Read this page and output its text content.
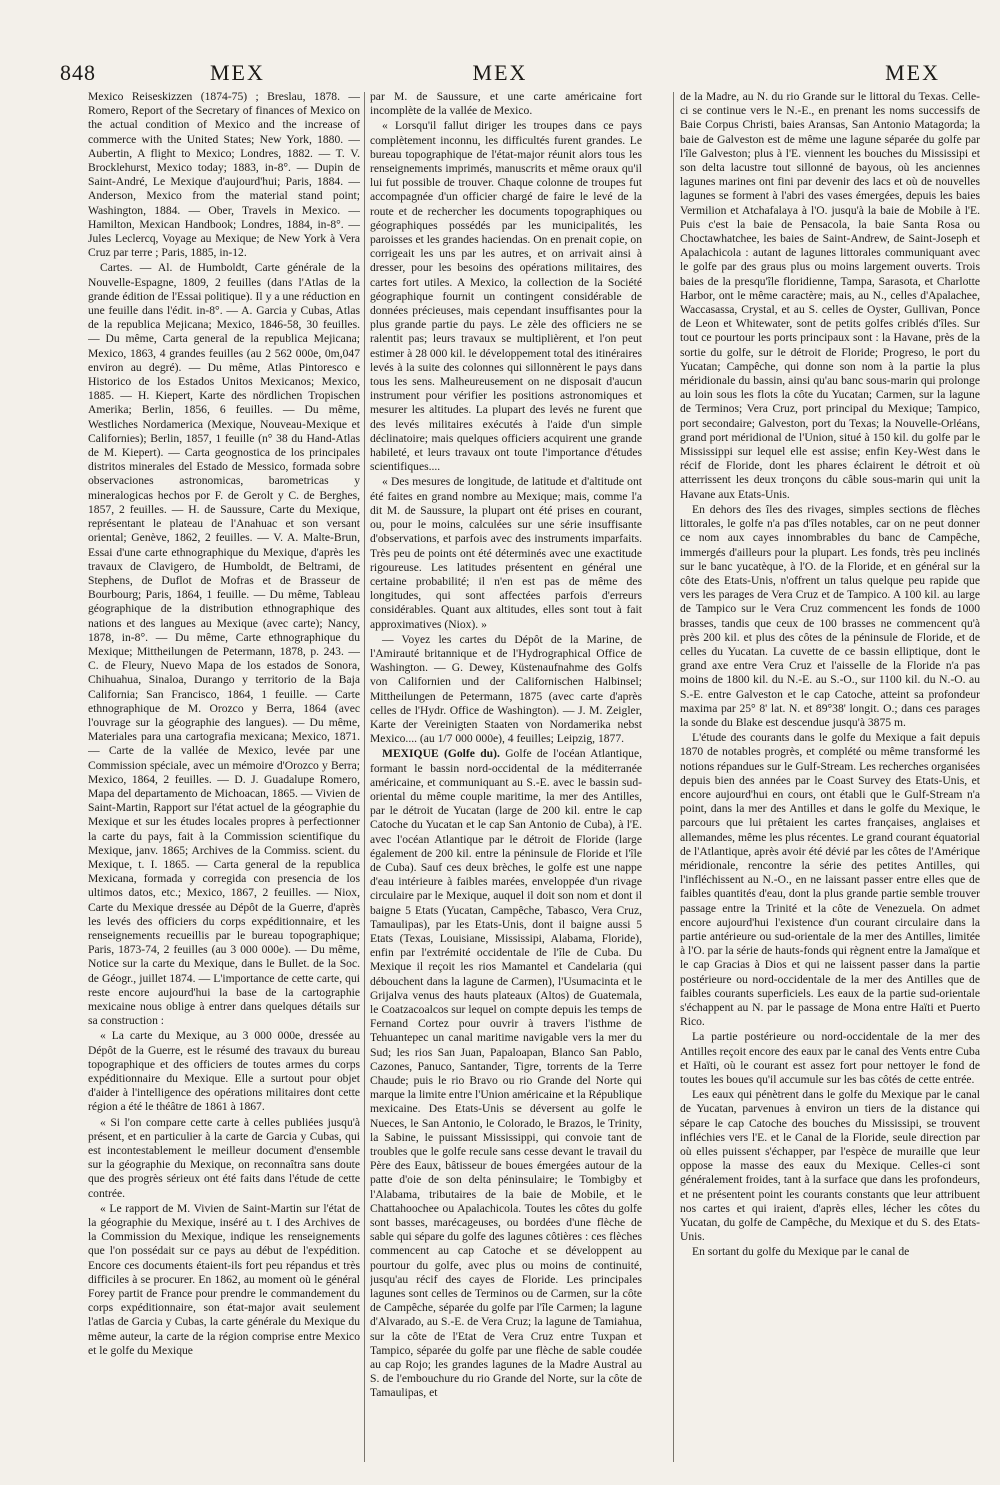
848	MEX
MEX	MEX

Mexico Reiseskizzen (1874-75) ; Breslau, 1878. — Romero, Report of the Secretary of finances of Mexico on the actual condition of Mexico and the increase of commerce with the United States; New York, 1880. — Aubertin, A flight to Mexico; Londres, 1882. — T. V. Brocklehurst, Mexico today; 1883, in-8°. — Dupin de Saint-André, Le Mexique d'aujourd'hui; Paris, 1884. — Anderson, Mexico from the material stand point; Washington, 1884. — Ober, Travels in Mexico. — Hamilton, Mexican Handbook; Londres, 1884, in-8°. — Jules Leclercq, Voyage au Mexique; de New York à Vera Cruz par terre ; Paris, 1885, in-12.

Cartes. — Al. de Humboldt, Carte générale de la Nouvelle-Espagne, 1809, 2 feuilles (dans l'Atlas de la grande édition de l'Essai politique). Il y a une réduction en une feuille dans l'édit. in-8°. — A. Garcia y Cubas, Atlas de la republica Mejicana; Mexico, 1846-58, 30 feuilles. — Du même, Carta general de la republica Mejicana; Mexico, 1863, 4 grandes feuilles (au 2 562 000e, 0m,047 environ au degré). — Du même, Atlas Pintoresco e Historico de los Estados Unitos Mexicanos; Mexico, 1885. — H. Kiepert, Karte des nördlichen Tropischen Amerika; Berlin, 1856, 6 feuilles. — Du même, Westliches Nordamerica (Mexique, Nouveau-Mexique et Californies); Berlin, 1857, 1 feuille (n° 38 du Hand-Atlas de M. Kiepert). — Carta geognostica de los principales distritos minerales del Estado de Messico, formada sobre observaciones astronomicas, barometricas y mineralogicas hechos por F. de Gerolt y C. de Berghes, 1857, 2 feuilles. — H. de Saussure, Carte du Mexique, représentant le plateau de l'Anahuac et son versant oriental; Genève, 1862, 2 feuilles. — V. A. Malte-Brun, Essai d'une carte ethnographique du Mexique, d'après les travaux de Clavigero, de Humboldt, de Beltrami, de Stephens, de Duflot de Mofras et de Brasseur de Bourbourg; Paris, 1864, 1 feuille. — Du même, Tableau géographique de la distribution ethnographique des nations et des langues au Mexique (avec carte); Nancy, 1878, in-8°. — Du même, Carte ethnographique du Mexique; Mittheilungen de Petermann, 1878, p. 243. — C. de Fleury, Nuevo Mapa de los estados de Sonora, Chihuahua, Sinaloa, Durango y territorio de la Baja California; San Francisco, 1864, 1 feuille. — Carte ethnographique de M. Orozco y Berra, 1864 (avec l'ouvrage sur la géographie des langues). — Du même, Materiales para una cartografia mexicana; Mexico, 1871. — Carte de la vallée de Mexico, levée par une Commission spéciale, avec un mémoire d'Orozco y Berra; Mexico, 1864, 2 feuilles. — D. J. Guadalupe Romero, Mapa del departamento de Michoacan, 1865. — Vivien de Saint-Martin, Rapport sur l'état actuel de la géographie du Mexique et sur les études locales propres à perfectionner la carte du pays, fait à la Commission scientifique du Mexique, janv. 1865; Archives de la Commiss. scient. du Mexique, t. I. 1865. — Carta general de la republica Mexicana, formada y corregida con presencia de los ultimos datos, etc.; Mexico, 1867, 2 feuilles. — Niox, Carte du Mexique dressée au Dépôt de la Guerre, d'après les levés des officiers du corps expéditionnaire, et les renseignements recueillis par le bureau topographique; Paris, 1873-74, 2 feuilles (au 3 000 000e). — Du même, Notice sur la carte du Mexique, dans le Bullet. de la Soc. de Géogr., juillet 1874. — L'importance de cette carte, qui reste encore aujourd'hui la base de la cartographie mexicaine nous oblige à entrer dans quelques détails sur sa construction :

« La carte du Mexique, au 3 000 000e, dressée au Dépôt de la Guerre, est le résumé des travaux du bureau topographique et des officiers de toutes armes du corps expéditionnaire du Mexique. Elle a surtout pour objet d'aider à l'intelligence des opérations militaires dont cette région a été le théâtre de 1861 à 1867.

« Si l'on compare cette carte à celles publiées jusqu'à présent, et en particulier à la carte de Garcia y Cubas, qui est incontestablement le meilleur document d'ensemble sur la géographie du Mexique, on reconnaîtra sans doute que des progrès sérieux ont été faits dans l'étude de cette contrée.

« Le rapport de M. Vivien de Saint-Martin sur l'état de la géographie du Mexique, inséré au t. I des Archives de la Commission du Mexique, indique les renseignements que l'on possédait sur ce pays au début de l'expédition. Encore ces documents étaient-ils fort peu répandus et très difficiles à se procurer. En 1862, au moment où le général Forey partit de France pour prendre le commandement du corps expéditionnaire, son état-major avait seulement l'atlas de Garcia y Cubas, la carte générale du Mexique du même auteur, la carte de la région comprise entre Mexico et le golfe du Mexique

par M. de Saussure, et une carte américaine fort incomplète de la vallée de Mexico.

« Lorsqu'il fallut diriger les troupes dans ce pays complètement inconnu, les difficultés furent grandes. Le bureau topographique de l'état-major réunit alors tous les renseignements imprimés, manuscrits et même oraux qu'il lui fut possible de trouver. Chaque colonne de troupes fut accompagnée d'un officier chargé de faire le levé de la route et de rechercher les documents topographiques ou géographiques possédés par les municipalités, les paroisses et les grandes haciendas. On en prenait copie, on corrigeait les uns par les autres, et on arrivait ainsi à dresser, pour les besoins des opérations militaires, des cartes fort utiles. A Mexico, la collection de la Société géographique fournit un contingent considérable de données précieuses, mais cependant insuffisantes pour la plus grande partie du pays. Le zèle des officiers ne se ralentit pas; leurs travaux se multiplièrent, et l'on peut estimer à 28 000 kil. le développement total des itinéraires levés à la suite des colonnes qui sillonnèrent le pays dans tous les sens. Malheureusement on ne disposait d'aucun instrument pour vérifier les positions astronomiques et mesurer les altitudes. La plupart des levés ne furent que des levés militaires exécutés à l'aide d'un simple déclinatoire; mais quelques officiers acquirent une grande habileté, et leurs travaux ont toute l'importance d'études scientifiques....

« Des mesures de longitude, de latitude et d'altitude ont été faites en grand nombre au Mexique; mais, comme l'a dit M. de Saussure, la plupart ont été prises en courant, ou, pour le moins, calculées sur une série insuffisante d'observations, et parfois avec des instruments imparfaits. Très peu de points ont été déterminés avec une exactitude rigoureuse. Les latitudes présentent en général une certaine probabilité; il n'en est pas de même des longitudes, qui sont affectées parfois d'erreurs considérables. Quant aux altitudes, elles sont tout à fait approximatives (Niox). »

— Voyez les cartes du Dépôt de la Marine, de l'Amirauté britannique et de l'Hydrographical Office de Washington. — G. Dewey, Küstenaufnahme des Golfs von Californien und der Californischen Halbinsel; Mittheilungen de Petermann, 1875 (avec carte d'après celles de l'Hydr. Office de Washington). — J. M. Zeigler, Karte der Vereinigten Staaten von Nordamerika nebst Mexico.... (au 1/7 000 000e), 4 feuilles; Leipzig, 1877.

MEXIQUE (Golfe du). Golfe de l'océan Atlantique, formant le bassin nord-occidental de la méditerranée américaine, et communiquant au S.-E. avec le bassin sud-oriental du même couple maritime, la mer des Antilles, par le détroit de Yucatan (large de 200 kil. entre le cap Catoche du Yucatan et le cap San Antonio de Cuba), à l'E. avec l'océan Atlantique par le détroit de Floride (large également de 200 kil. entre la péninsule de Floride et l'île de Cuba). Sauf ces deux brèches, le golfe est une nappe d'eau intérieure à faibles marées, enveloppée d'un rivage circulaire par le Mexique, auquel il doit son nom et dont il baigne 5 Etats (Yucatan, Campêche, Tabasco, Vera Cruz, Tamaulipas), par les Etats-Unis, dont il baigne aussi 5 Etats (Texas, Louisiane, Mississipi, Alabama, Floride), enfin par l'extrémité occidentale de l'île de Cuba. Du Mexique il reçoit les rios Mamantel et Candelaria (qui débouchent dans la lagune de Carmen), l'Usumacinta et le Grijalva venus des hauts plateaux (Altos) de Guatemala, le Coatzacoalcos sur lequel on compte depuis les temps de Fernand Cortez pour ouvrir à travers l'isthme de Tehuantepec un canal maritime navigable vers la mer du Sud; les rios San Juan, Papaloapan, Blanco San Pablo, Cazones, Panuco, Santander, Tigre, torrents de la Terre Chaude; puis le rio Bravo ou rio Grande del Norte qui marque la limite entre l'Union américaine et la République mexicaine. Des Etats-Unis se déversent au golfe le Nueces, le San Antonio, le Colorado, le Brazos, le Trinity, la Sabine, le puissant Mississippi, qui convoie tant de troubles que le golfe recule sans cesse devant le travail du Père des Eaux, bâtisseur de boues émergées autour de la patte d'oie de son delta péninsulaire; le Tombigby et l'Alabama, tributaires de la baie de Mobile, et le Chattahoochee ou Apalachicola. Toutes les côtes du golfe sont basses, marécageuses, ou bordées d'une flèche de sable qui sépare du golfe des lagunes côtières : ces flèches commencent au cap Catoche et se développent au pourtour du golfe, avec plus ou moins de continuité, jusqu'au récif des cayes de Floride. Les principales lagunes sont celles de Terminos ou de Carmen, sur la côte de Campêche, séparée du golfe par l'île Carmen; la lagune d'Alvarado, au S.-E. de Vera Cruz; la lagune de Tamiahua, sur la côte de l'Etat de Vera Cruz entre Tuxpan et Tampico, séparée du golfe par une flèche de sable coudée au cap Rojo; les grandes lagunes de la Madre Austral au S. de l'embouchure du rio Grande del Norte, sur la côte de Tamaulipas, et

de la Madre, au N. du rio Grande sur le littoral du Texas. Celle-ci se continue vers le N.-E., en prenant les noms successifs de Baie Corpus Christi, baies Aransas, San Antonio Matagorda; la baie de Galveston est de même une lagune séparée du golfe par l'île Galveston; plus à l'E. viennent les bouches du Mississipi et son delta lacustre tout sillonné de bayous, où les anciennes lagunes marines ont fini par devenir des lacs et où de nouvelles lagunes se forment à l'abri des vases émergées, depuis les baies Vermilion et Atchafalaya à l'O. jusqu'à la baie de Mobile à l'E. Puis c'est la baie de Pensacola, la baie Santa Rosa ou Choctawhatchee, les baies de Saint-Andrew, de Saint-Joseph et Apalachicola : autant de lagunes littorales communiquant avec le golfe par des graus plus ou moins largement ouverts. Trois baies de la presqu'île floridienne, Tampa, Sarasota, et Charlotte Harbor, ont le même caractère; mais, au N., celles d'Apalachee, Waccasassa, Crystal, et au S. celles de Oyster, Gullivan, Ponce de Leon et Whitewater, sont de petits golfes criblés d'îles. Sur tout ce pourtour les ports principaux sont : la Havane, près de la sortie du golfe, sur le détroit de Floride; Progreso, le port du Yucatan; Campêche, qui donne son nom à la partie la plus méridionale du bassin, ainsi qu'au banc sous-marin qui prolonge au loin sous les flots la côte du Yucatan; Carmen, sur la lagune de Terminos; Vera Cruz, port principal du Mexique; Tampico, port secondaire; Galveston, port du Texas; la Nouvelle-Orléans, grand port méridional de l'Union, situé à 150 kil. du golfe par le Mississippi sur lequel elle est assise; enfin Key-West dans le récif de Floride, dont les phares éclairent le détroit et où atterrissent les deux tronçons du câble sous-marin qui unit la Havane aux Etats-Unis.

En dehors des îles des rivages, simples sections de flèches littorales, le golfe n'a pas d'îles notables, car on ne peut donner ce nom aux cayes innombrables du banc de Campêche, immergés d'ailleurs pour la plupart. Les fonds, très peu inclinés sur le banc yucatèque, à l'O. de la Floride, et en général sur la côte des Etats-Unis, n'offrent un talus quelque peu rapide que vers les parages de Vera Cruz et de Tampico. A 100 kil. au large de Tampico sur le Vera Cruz commencent les fonds de 1000 brasses, tandis que ceux de 100 brasses ne commencent qu'à près 200 kil. et plus des côtes de la péninsule de Floride, et de celles du Yucatan. La cuvette de ce bassin elliptique, dont le grand axe entre Vera Cruz et l'aisselle de la Floride n'a pas moins de 1800 kil. du N.-E. au S.-O., sur 1100 kil. du N.-O. au S.-E. entre Galveston et le cap Catoche, atteint sa profondeur maxima par 25° 8' lat. N. et 89°38' longit. O.; dans ces parages la sonde du Blake est descendue jusqu'à 3875 m.

L'étude des courants dans le golfe du Mexique a fait depuis 1870 de notables progrès, et complété ou même transformé les notions répandues sur le Gulf-Stream. Les recherches organisées depuis bien des années par le Coast Survey des Etats-Unis, et encore aujourd'hui en cours, ont établi que le Gulf-Stream n'a point, dans la mer des Antilles et dans le golfe du Mexique, le parcours que lui prêtaient les cartes françaises, anglaises et allemandes, même les plus récentes. Le grand courant équatorial de l'Atlantique, après avoir été dévié par les côtes de l'Amérique méridionale, rencontre la série des petites Antilles, qui l'infléchissent au N.-O., en ne laissant passer entre elles que de faibles quantités d'eau, dont la plus grande partie semble trouver passage entre la Trinité et la côte de Venezuela. On admet encore aujourd'hui l'existence d'un courant circulaire dans la partie antérieure ou sud-orientale de la mer des Antilles, limitée à l'O. par la série de hauts-fonds qui règnent entre la Jamaïque et le cap Gracias à Dios et qui ne laissent passer dans la partie postérieure ou nord-occidentale de la mer des Antilles que de faibles courants superficiels. Les eaux de la partie sud-orientale s'échappent au N. par le passage de Mona entre Haïti et Puerto Rico.

La partie postérieure ou nord-occidentale de la mer des Antilles reçoit encore des eaux par le canal des Vents entre Cuba et Haïti, où le courant est assez fort pour nettoyer le fond de toutes les boues qu'il accumule sur les bas côtés de cette entrée.

Les eaux qui pénètrent dans le golfe du Mexique par le canal de Yucatan, parvenues à environ un tiers de la distance qui sépare le cap Catoche des bouches du Mississipi, se trouvent infléchies vers l'E. et le Canal de la Floride, seule direction par où elles puissent s'échapper, par l'espèce de muraille que leur oppose la masse des eaux du Mexique. Celles-ci sont généralement froides, tant à la surface que dans les profondeurs, et ne présentent point les courants constants que leur attribuent nos cartes et qui iraient, d'après elles, lécher les côtes du Yucatan, du golfe de Campêche, du Mexique et du S. des Etats-Unis.

En sortant du golfe du Mexique par le canal de
